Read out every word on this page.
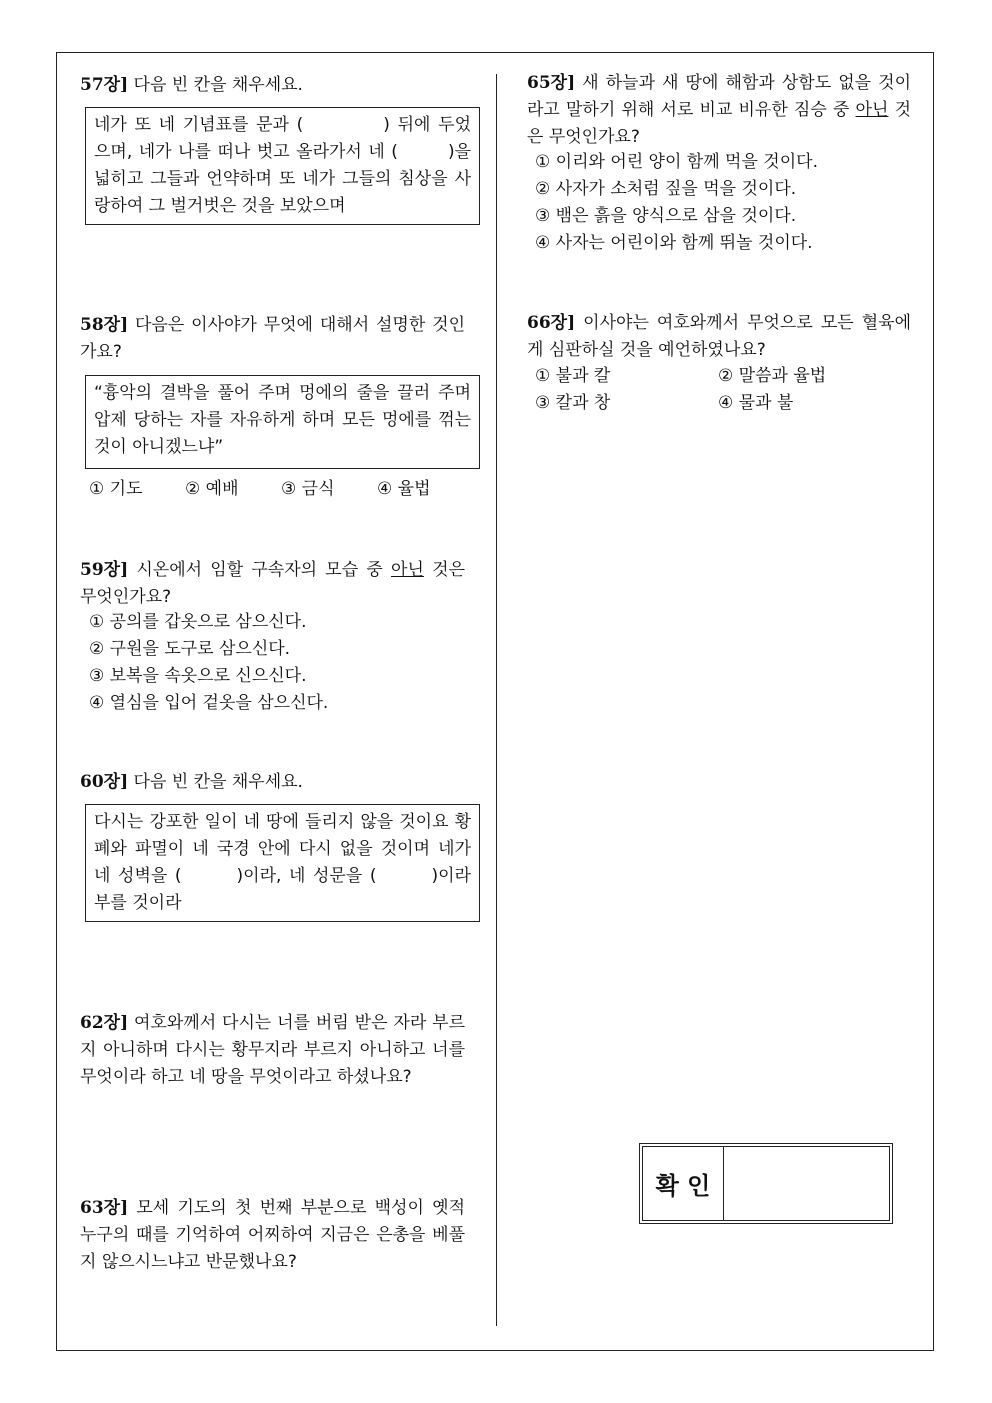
57장] 다음 빈 칸을 채우세요.
네가 또 네 기념표를 문과 (	) 뒤에 두었으며, 네가 나를 떠나 벗고 올라가서 네 (	)을 넓히고 그들과 언약하며 또 네가 그들의 침상을 사랑하여 그 벌거벗은 것을 보았으며
58장] 다음은 이사야가 무엇에 대해서 설명한 것인가요?
“흉악의 결박을 풀어 주며 멍에의 줄을 끌러 주며 압제 당하는 자를 자유하게 하며 모든 멍에를 꺾는 것이 아니겠느냐”
① 기도	② 예배	③ 금식	④ 율법
59장] 시온에서 임할 구속자의 모습 중 아닌 것은 무엇인가요?
① 공의를 갑옷으로 삼으신다.
② 구원을 도구로 삼으신다.
③ 보복을 속옷으로 신으신다.
④ 열심을 입어 겉옷을 삼으신다.
60장] 다음 빈 칸을 채우세요.
다시는 강포한 일이 네 땅에 들리지 않을 것이요 황폐와 파멸이 네 국경 안에 다시 없을 것이며 네가 네 성벽을 (	)이라, 네 성문을 (	)이라 부를 것이라
62장] 여호와께서 다시는 너를 버림 받은 자라 부르지 아니하며 다시는 황무지라 부르지 아니하고 너를 무엇이라 하고 네 땅을 무엇이라고 하셨나요?
63장] 모세 기도의 첫 번째 부분으로 백성이 옛적 누구의 때를 기억하여 어찌하여 지금은 은총을 베풀지 않으시느냐고 반문했나요?
65장] 새 하늘과 새 땅에 해함과 상함도 없을 것이라고 말하기 위해 서로 비교 비유한 짐승 중 아닌 것은 무엇인가요?
① 이리와 어린 양이 함께 먹을 것이다.
② 사자가 소처럼 짚을 먹을 것이다.
③ 뱀은 흙을 양식으로 삼을 것이다.
④ 사자는 어린이와 함께 뛰놀 것이다.
66장] 이사야는 여호와께서 무엇으로 모든 혈육에게 심판하실 것을 예언하였나요?
① 불과 칼	② 말씀과 율법
③ 칼과 창	④ 물과 불
확 인
